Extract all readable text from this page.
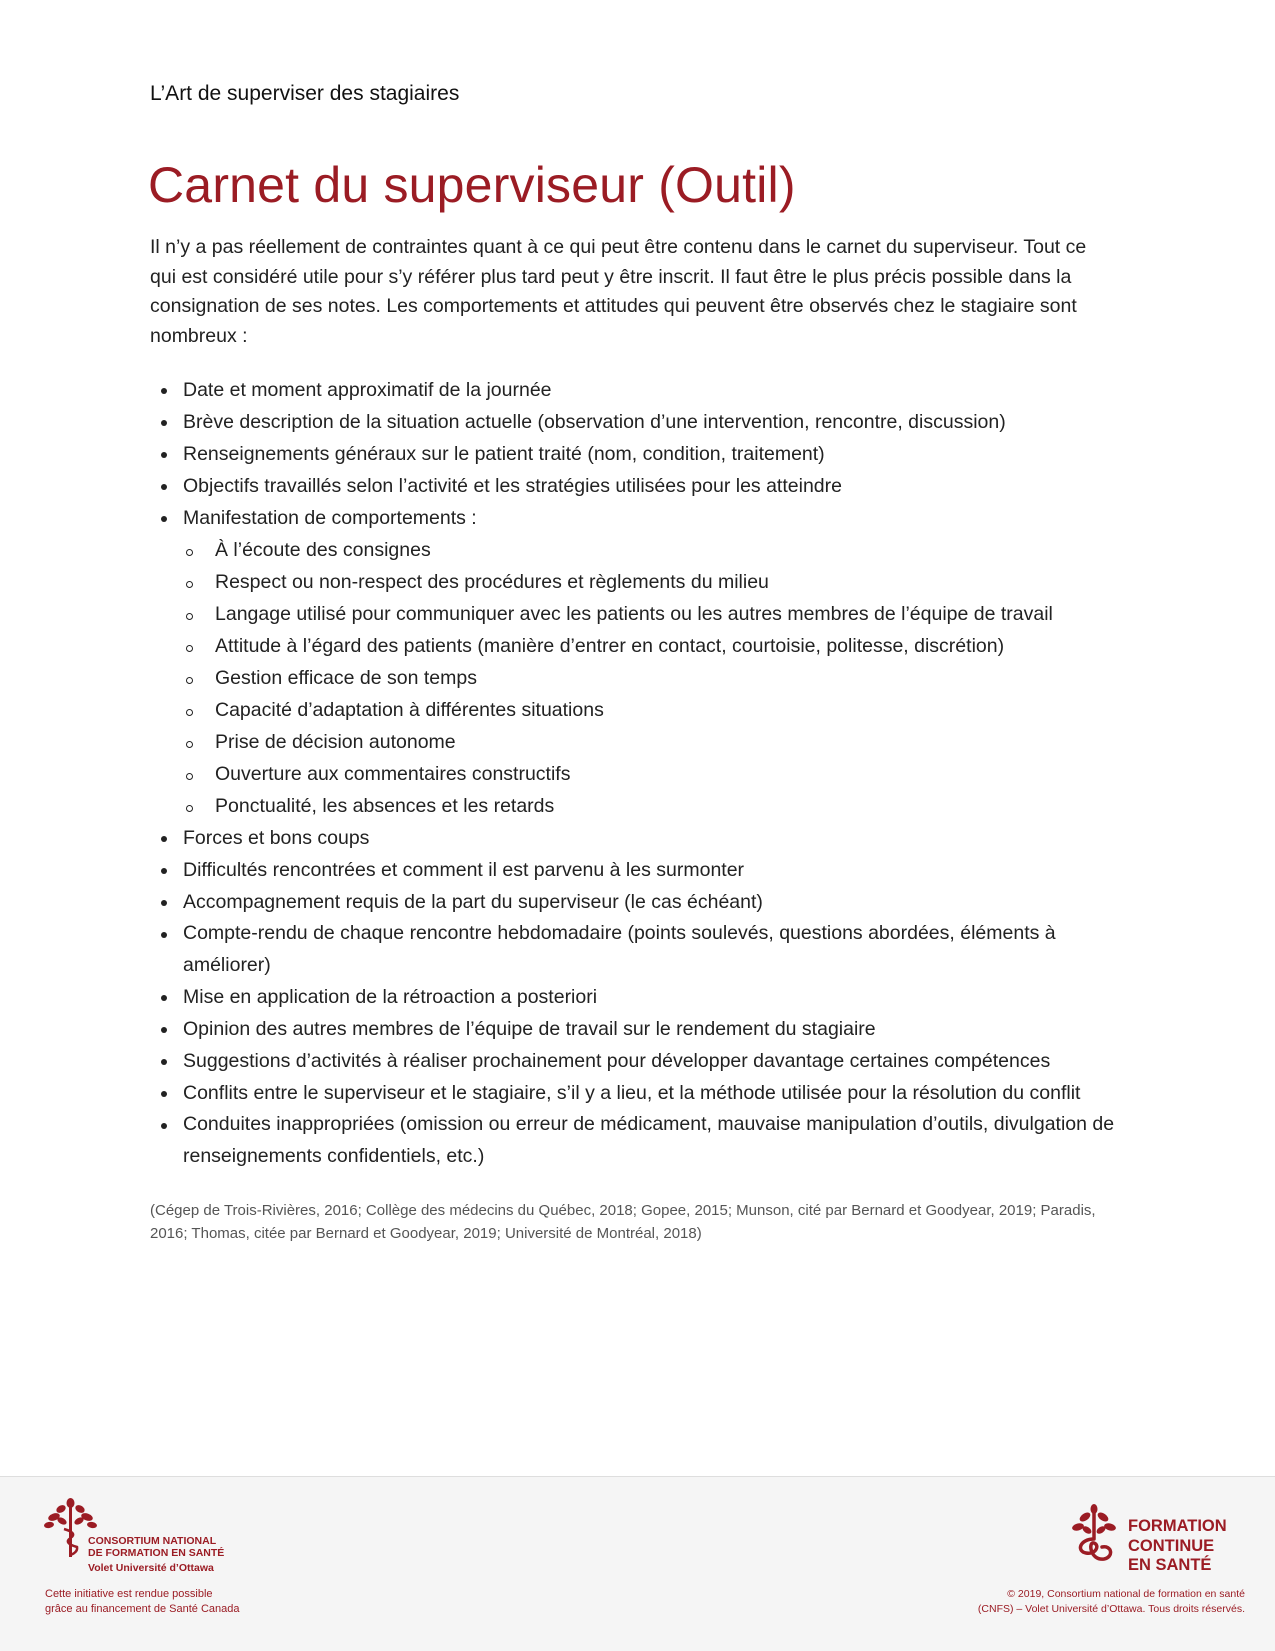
L’Art de superviser des stagiaires
Carnet du superviseur (Outil)

Il n’y a pas réellement de contraintes quant à ce qui peut être contenu dans le carnet du superviseur. Tout ce qui est considéré utile pour s’y référer plus tard peut y être inscrit. Il faut être le plus précis possible dans la consignation de ses notes. Les comportements et attitudes qui peuvent être observés chez le stagiaire sont nombreux :

Date et moment approximatif de la journée
Brève description de la situation actuelle (observation d’une intervention, rencontre, discussion)
Renseignements généraux sur le patient traité (nom, condition, traitement)
Objectifs travaillés selon l’activité et les stratégies utilisées pour les atteindre
Manifestation de comportements :
À l’écoute des consignes
Respect ou non-respect des procédures et règlements du milieu
Langage utilisé pour communiquer avec les patients ou les autres membres de l’équipe de travail
Attitude à l’égard des patients (manière d’entrer en contact, courtoisie, politesse, discrétion)
Gestion efficace de son temps
Capacité d’adaptation à différentes situations
Prise de décision autonome
Ouverture aux commentaires constructifs
Ponctualité, les absences et les retards
Forces et bons coups
Difficultés rencontrées et comment il est parvenu à les surmonter
Accompagnement requis de la part du superviseur (le cas échéant)
Compte-rendu de chaque rencontre hebdomadaire (points soulevés, questions abordées, éléments à améliorer)
Mise en application de la rétroaction a posteriori
Opinion des autres membres de l’équipe de travail sur le rendement du stagiaire
Suggestions d’activités à réaliser prochainement pour développer davantage certaines compétences
Conflits entre le superviseur et le stagiaire, s’il y a lieu, et la méthode utilisée pour la résolution du conflit
Conduites inappropriées (omission ou erreur de médicament, mauvaise manipulation d’outils, divulgation de renseignements confidentiels, etc.)

(Cégep de Trois-Rivières, 2016; Collège des médecins du Québec, 2018; Gopee, 2015; Munson, cité par Bernard et Goodyear, 2019; Paradis, 2016; Thomas, citée par Bernard et Goodyear, 2019; Université de Montréal, 2018)

CONSORTIUM NATIONAL
DE FORMATION EN SANTÉ
Volet Université d’Ottawa
Cette initiative est rendue possible
grâce au financement de Santé Canada
FORMATION
CONTINUE
EN SANTÉ
© 2019, Consortium national de formation en santé
(CNFS) – Volet Université d’Ottawa. Tous droits réservés.
